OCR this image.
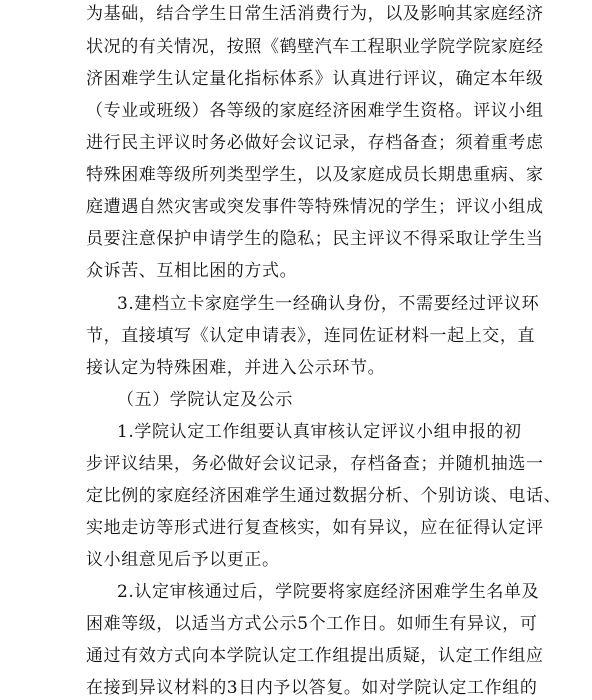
为基础，结合学生日常生活消费行为，以及影响其家庭经济
状况的有关情况，按照《鹤壁汽车工程职业学院学院家庭经
济困难学生认定量化指标体系》认真进行评议，确定本年级
（专业或班级）各等级的家庭经济困难学生资格。评议小组
进行民主评议时务必做好会议记录，存档备查；须着重考虑
特殊困难等级所列类型学生，以及家庭成员长期患重病、家
庭遭遇自然灾害或突发事件等特殊情况的学生；评议小组成
员要注意保护申请学生的隐私；民主评议不得采取让学生当
众诉苦、互相比困的方式。
3.建档立卡家庭学生一经确认身份，不需要经过评议环
节，直接填写《认定申请表》，连同佐证材料一起上交，直
接认定为特殊困难，并进入公示环节。
（五）学院认定及公示
1.学院认定工作组要认真审核认定评议小组申报的初
步评议结果，务必做好会议记录，存档备查；并随机抽选一
定比例的家庭经济困难学生通过数据分析、个别访谈、电话、
实地走访等形式进行复查核实，如有异议，应在征得认定评
议小组意见后予以更正。
2.认定审核通过后，学院要将家庭经济困难学生名单及
困难等级，以适当方式公示5个工作日。如师生有异议，可
通过有效方式向本学院认定工作组提出质疑，认定工作组应
在接到异议材料的3日内予以答复。如对学院认定工作组的
